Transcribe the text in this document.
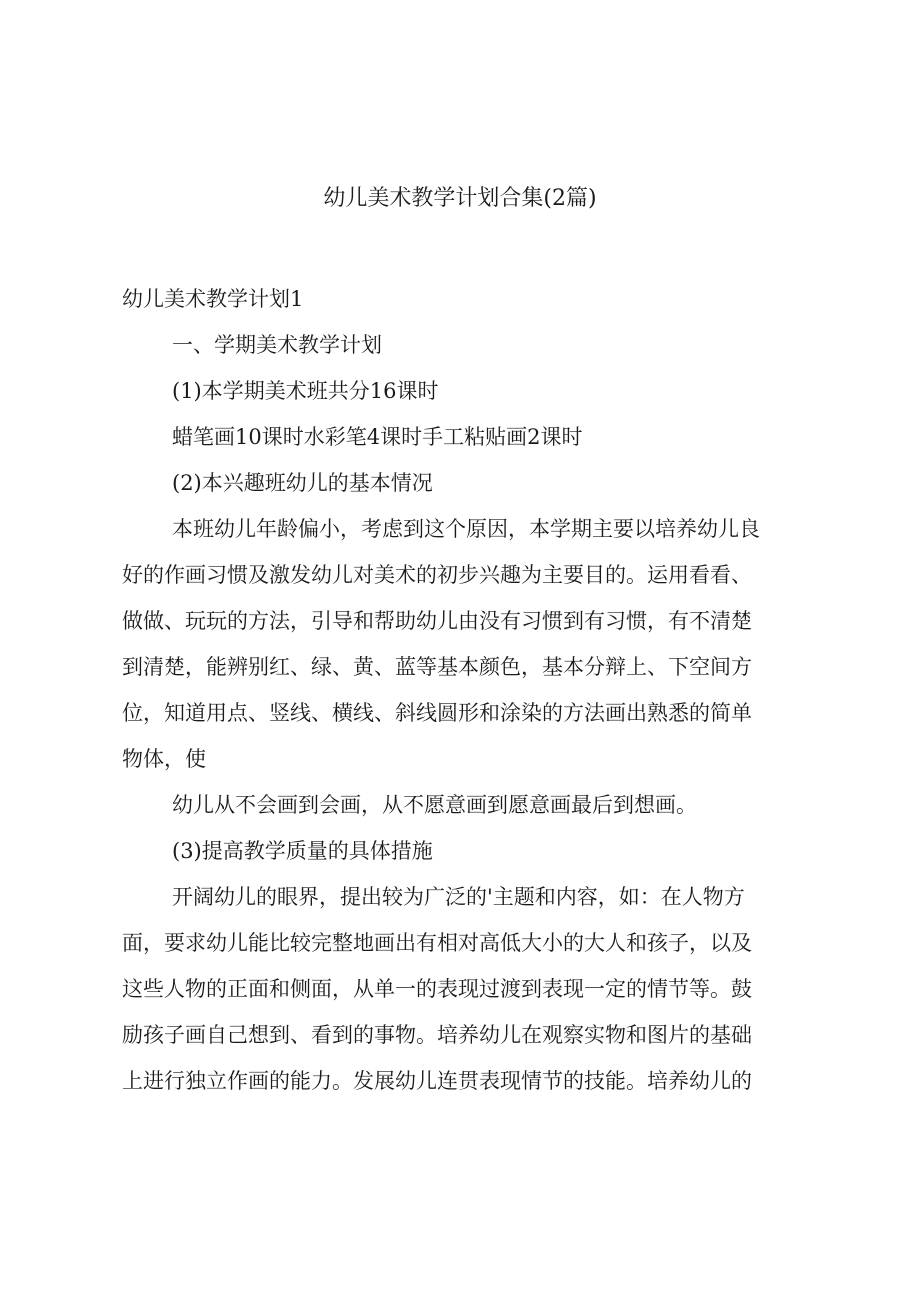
幼儿美术教学计划合集(2篇)

幼儿美术教学计划1

一、学期美术教学计划

(1)本学期美术班共分16课时

蜡笔画10课时水彩笔4课时手工粘贴画2课时

(2)本兴趣班幼儿的基本情况

本班幼儿年龄偏小，考虑到这个原因，本学期主要以培养幼儿良

好的作画习惯及激发幼儿对美术的初步兴趣为主要目的。运用看看、

做做、玩玩的方法，引导和帮助幼儿由没有习惯到有习惯，有不清楚

到清楚，能辨别红、绿、黄、蓝等基本颜色，基本分辩上、下空间方

位，知道用点、竖线、横线、斜线圆形和涂染的方法画出熟悉的简单

物体，使

幼儿从不会画到会画，从不愿意画到愿意画最后到想画。

(3)提高教学质量的具体措施

开阔幼儿的眼界，提出较为广泛的'主题和内容，如：在人物方

面，要求幼儿能比较完整地画出有相对高低大小的大人和孩子，以及

这些人物的正面和侧面，从单一的表现过渡到表现一定的情节等。鼓

励孩子画自己想到、看到的事物。培养幼儿在观察实物和图片的基础

上进行独立作画的能力。发展幼儿连贯表现情节的技能。培养幼儿的
